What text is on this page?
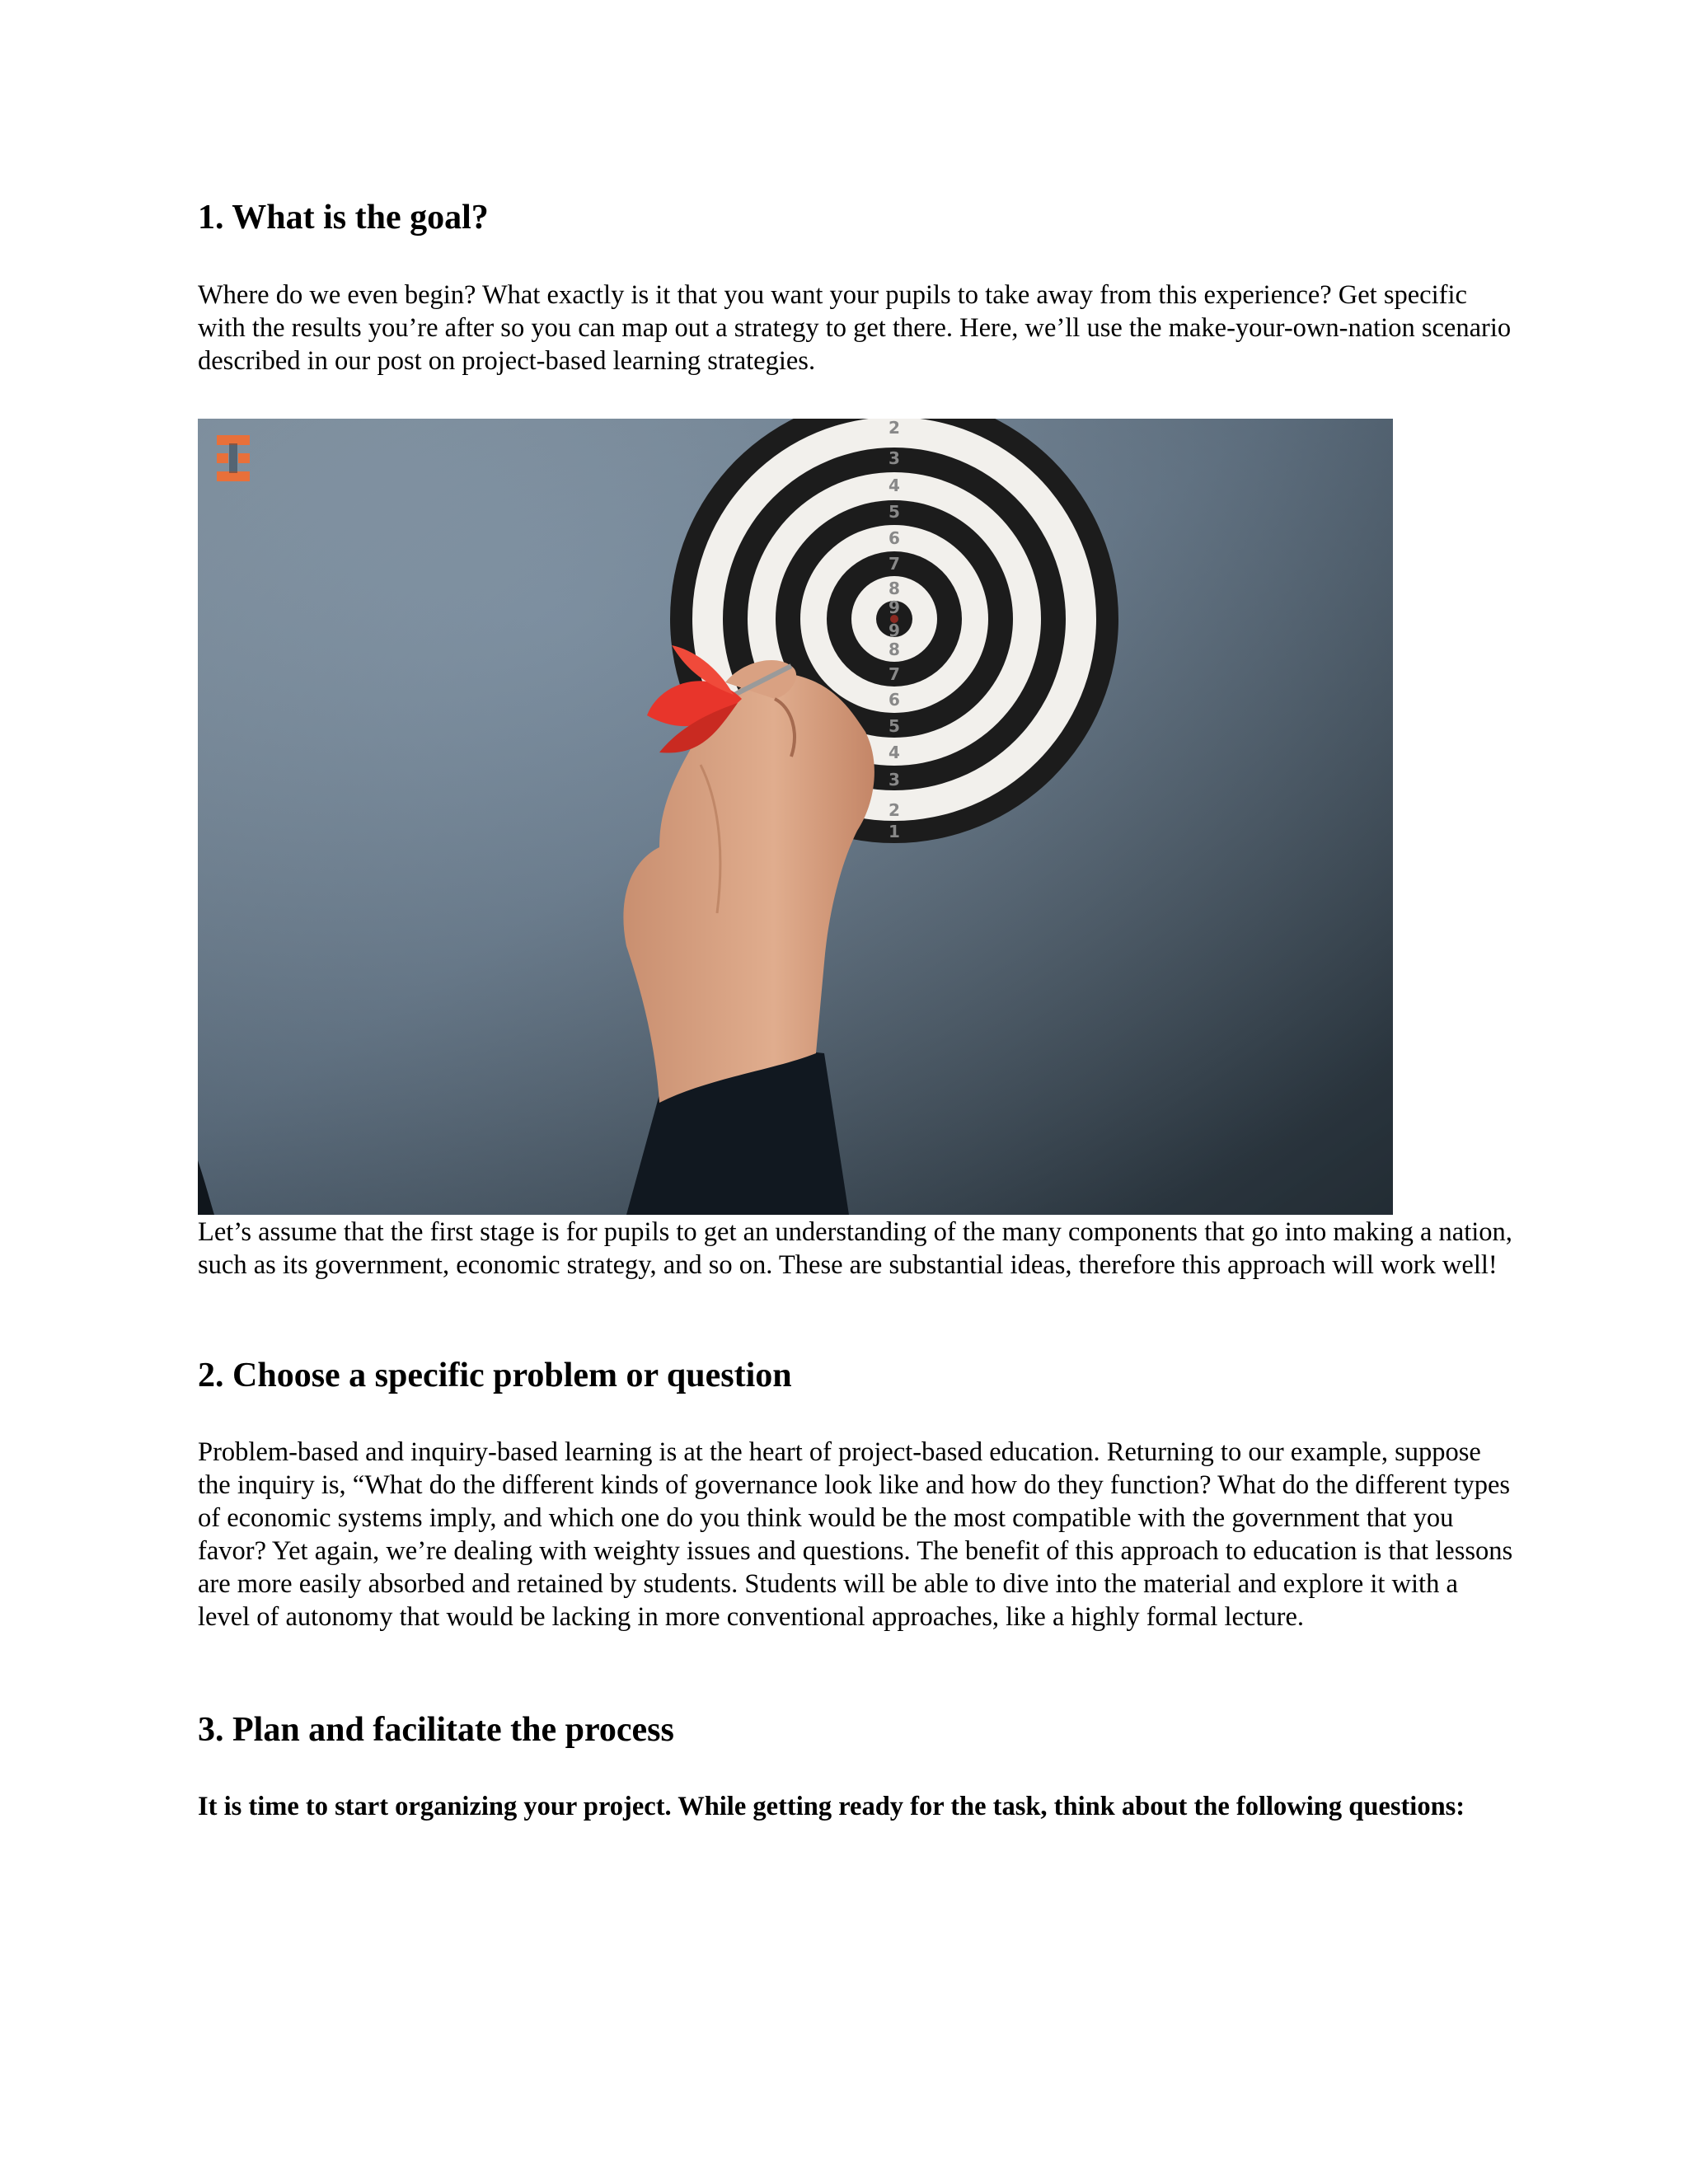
1. What is the goal?

Where do we even begin? What exactly is it that you want your pupils to take away from this experience? Get specific with the results you’re after so you can map out a strategy to get there. Here, we’ll use the make-your-own-nation scenario described in our post on project-based learning strategies.

2
3
4
5
6
7
8
9
9
8
7
6
5
4
3
2
1

Let’s assume that the first stage is for pupils to get an understanding of the many components that go into making a nation, such as its government, economic strategy, and so on. These are substantial ideas, therefore this approach will work well!

2. Choose a specific problem or question

Problem-based and inquiry-based learning is at the heart of project-based education. Returning to our example, suppose the inquiry is, “What do the different kinds of governance look like and how do they function? What do the different types of economic systems imply, and which one do you think would be the most compatible with the government that you favor? Yet again, we’re dealing with weighty issues and questions. The benefit of this approach to education is that lessons are more easily absorbed and retained by students. Students will be able to dive into the material and explore it with a level of autonomy that would be lacking in more conventional approaches, like a highly formal lecture.

3. Plan and facilitate the process

It is time to start organizing your project. While getting ready for the task, think about the following questions:
